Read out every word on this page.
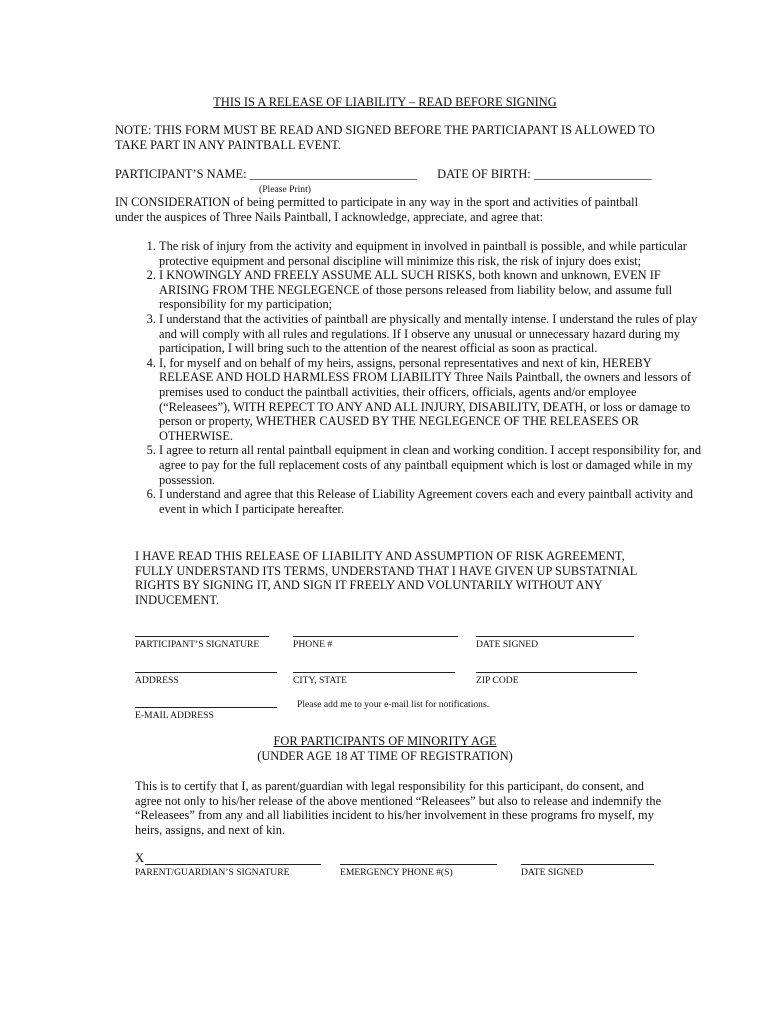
THIS IS A RELEASE OF LIABILITY – READ BEFORE SIGNING
NOTE: THIS FORM MUST BE READ AND SIGNED BEFORE THE PARTICIAPANT IS ALLOWED TO TAKE PART IN ANY PAINTBALL EVENT.
PARTICIPANT’S NAME: ___________________________ DATE OF BIRTH: ___________________
(Please Print)
IN CONSIDERATION of being permitted to participate in any way in the sport and activities of paintball under the auspices of Three Nails Paintball, I acknowledge, appreciate, and agree that:
1. The risk of injury from the activity and equipment in involved in paintball is possible, and while particular protective equipment and personal discipline will minimize this risk, the risk of injury does exist;
2. I KNOWINGLY AND FREELY ASSUME ALL SUCH RISKS, both known and unknown, EVEN IF ARISING FROM THE NEGLEGENCE of those persons released from liability below, and assume full responsibility for my participation;
3. I understand that the activities of paintball are physically and mentally intense. I understand the rules of play and will comply with all rules and regulations. If I observe any unusual or unnecessary hazard during my participation, I will bring such to the attention of the nearest official as soon as practical.
4. I, for myself and on behalf of my heirs, assigns, personal representatives and next of kin, HEREBY RELEASE AND HOLD HARMLESS FROM LIABILITY Three Nails Paintball, the owners and lessors of premises used to conduct the paintball activities, their officers, officials, agents and/or employee (“Releasees”), WITH REPECT TO ANY AND ALL INJURY, DISABILITY, DEATH, or loss or damage to person or property, WHETHER CAUSED BY THE NEGLEGENCE OF THE RELEASEES OR OTHERWISE.
5. I agree to return all rental paintball equipment in clean and working condition. I accept responsibility for, and agree to pay for the full replacement costs of any paintball equipment which is lost or damaged while in my possession.
6. I understand and agree that this Release of Liability Agreement covers each and every paintball activity and event in which I participate hereafter.
I HAVE READ THIS RELEASE OF LIABILITY AND ASSUMPTION OF RISK AGREEMENT, FULLY UNDERSTAND ITS TERMS, UNDERSTAND THAT I HAVE GIVEN UP SUBSTATNIAL RIGHTS BY SIGNING IT, AND SIGN IT FREELY AND VOLUNTARILY WITHOUT ANY INDUCEMENT.
PARTICIPANT’S SIGNATURE	PHONE #	DATE SIGNED
ADDRESS	CITY, STATE	ZIP CODE
E-MAIL ADDRESS
Please add me to your e-mail list for notifications.
FOR PARTICIPANTS OF MINORITY AGE
(UNDER AGE 18 AT TIME OF REGISTRATION)
This is to certify that I, as parent/guardian with legal responsibility for this participant, do consent, and agree not only to his/her release of the above mentioned “Releasees” but also to release and indemnify the “Releasees” from any and all liabilities incident to his/her involvement in these programs fro myself, my heirs, assigns, and next of kin.
X
PARENT/GUARDIAN’S SIGNATURE	EMERGENCY PHONE #(S)	DATE SIGNED
